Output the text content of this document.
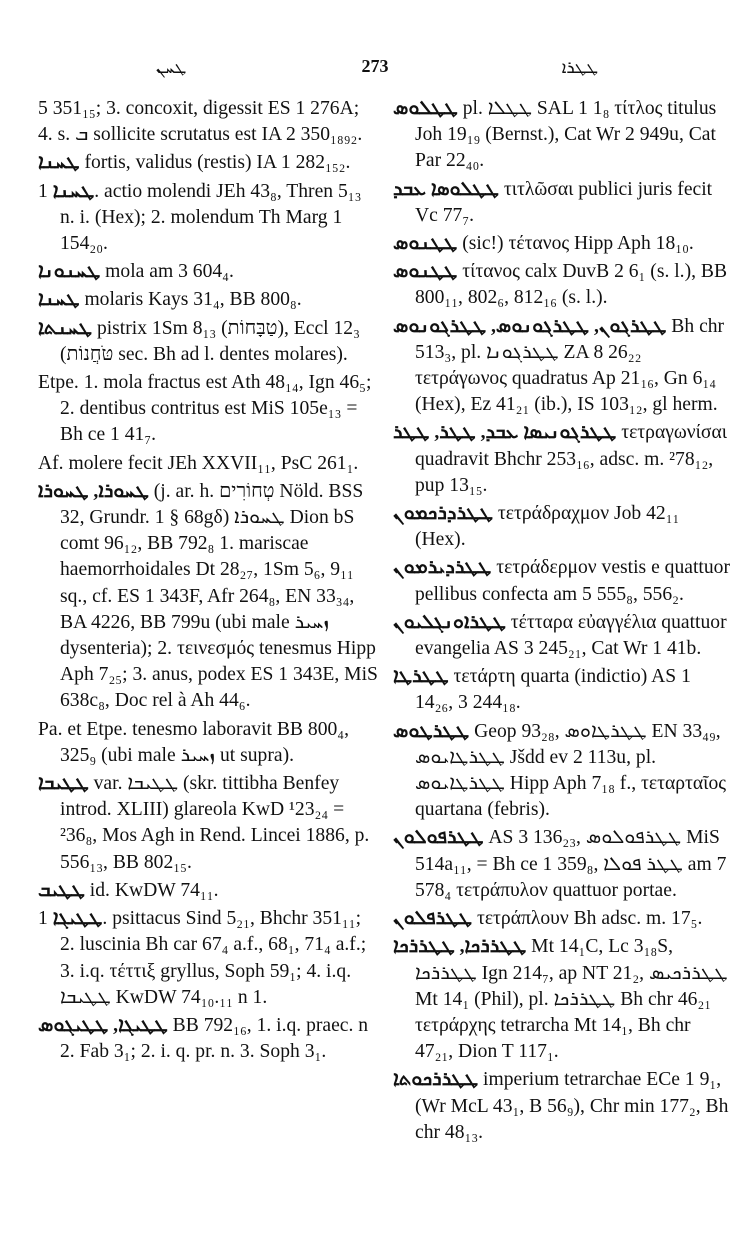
ܛܚܢ	273	ܛܛܪܐ
5 351₁₅; 3. concoxit, digessit ES 1 276A; 4. s. ܒ sollicite scrutatus est IA 2 350₁₈₉₂.
ܛܚܢܐ fortis, validus (restis) IA 1 282₁₅₂.
ܛܚܢܐ 1. actio molendi JEh 43₈, Thren 5₁₃ n. i. (Hex); 2. molendum Th Marg 1 154₂₀.
ܛܚܢܘܢܐ mola am 3 604₄.
ܛܚܢܐ molaris Kays 31₄, BB 800₈.
ܛܚܢܬܐ pistrix 1Sm 8₁₃ (טַבָּחוֹת), Eccl 12₃ (טֹּחֲנוֹת sec. Bh ad l. dentes molares).
Etpe. 1. mola fractus est Ath 48₁₄, Ign 46₅; 2. dentibus contritus est MiS 105e₁₃ = Bh ce 1 41₇.
Af. molere fecit JEh XXVII₁₁, PsC 261₁.
ܛܚܘܪܐ, ܛܚܘܪܐ (j. ar. h. טְחוֹרִים Nöld. BSS 32, Grundr. 1 § 68gδ) ܛܚܘܪܐ Dion bS comt 96₁₂, BB 792₈ 1. mariscae haemorrhoidales Dt 28₂₇, 1Sm 5₆, 9₁₁ sq., cf. ES 1 343F, Afr 264₈, EN 33₃₄, BA 4226, BB 799u (ubi male ܙܚܝܪ dysenteria); 2. τεινεσμός tenesmus Hipp Aph 7₂₅; 3. anus, podex ES 1 343E, MiS 638c₈, Doc rel à Ah 44₆.
Pa. et Etpe. tenesmo laboravit BB 800₄, 325₉ (ubi male ܙܚܝܪ ut supra).
ܛܛܝܒܐ var. ܛܛܝܒܐ (skr. tittibha Benfey introd. XLIII) glareola KwD ¹23₂₄ = ²36₈, Mos Agh in Rend. Lincei 1886, p. 556₁₃, BB 802₁₅.
ܛܛܝܒ id. KwDW 74₁₁.
ܛܛܝܓܐ 1. psittacus Sind 5₂₁, Bhchr 351₁₁; 2. luscinia Bh car 67₄ a.f., 68₁, 71₄ a.f.; 3. i.q. τέττιξ gryllus, Soph 59₁; 4. i.q. ܛܛܝܒܐ KwDW 74₁₀.₁₁ n 1.
ܛܛܝܓܐ, ܛܛܝܓܘܣ BB 792₁₆, 1. i.q. praec. n 2. Fab 3₁; 2. i. q. pr. n. 3. Soph 3₁.
ܛܛܠܘܣ pl. ܛܛܠܐ SAL 1 1₈ τίτλος titulus Joh 19₁₉ (Bernst.), Cat Wr 2 949u, Cat Par 22₄₀.
ܛܛܠܘܣܐ ܥܒܕ τιτλῶσαι publici juris fecit Vc 77₇.
ܛܛܢܘܣ (sic!) τέτανος Hipp Aph 18₁₀.
ܛܛܢܘܣ τίτανος calx DuvB 2 6₁ (s. l.), BB 800₁₁, 802₆, 812₁₆ (s. l.).
ܛܛܪܓܘܢ, ܛܛܪܓܘܢܘܣ, ܛܛܪܓܘܢܘܣ Bh chr 513₃, pl. ܛܛܪܓܘܢܐ ZA 8 26₂₂ τετράγωνος quadratus Ap 21₁₆, Gn 6₁₄ (Hex), Ez 41₂₁ (ib.), IS 103₁₂, gl herm.
ܛܛܪܓܘܢܝܣܐ ܥܒܕ, ܛܛܪ, ܛܛܪ τετραγωνίσαι quadravit Bhchr 253₁₆, adsc. m. ²78₁₂, pup 13₁₅.
ܛܛܪܕܪܟܡܘܢ τετράδραχμον Job 42₁₁ (Hex).
ܛܛܪܕܝܪܡܘܢ τετράδερμον vestis e quattuor pellibus confecta am 5 555₈, 556₂.
ܛܛܪܐܘܢܓܠܝܘܢ τέτταρα εὐαγγέλια quattuor evangelia AS 3 245₂₁, Cat Wr 1 41b.
ܛܛܪܛܐ τετάρτη quarta (indictio) AS 1 14₂₆, 3 244₁₈.
ܛܛܪܛܘܣ Geop 93₂₈, ܛܛܪܛܐܘܣ EN 33₄₉, ܛܛܪܛܐܝܘܣ Jšdd ev 2 113u, pl. ܛܛܪܛܐܝܘܣ Hipp Aph 7₁₈ f., τεταρταῖος quartana (febris).
ܛܛܪܦܘܠܘܢ AS 3 136₂₃, ܛܛܪܦܘܠܘܣ MiS 514a₁₁, = Bh ce 1 359₈, ܛܛܪ ܦܘܠܐ am 7 578₄ τετράπυλον quattuor portae.
ܛܛܪܦܠܘܢ τετράπλουν Bh adsc. m. 17₅.
ܛܛܪܪܟܐ, ܛܛܪܪܟܐ Mt 14₁C, Lc 3₁₈S, ܛܛܪܪܟܐ Ign 214₇, ap NT 21₂, ܛܛܪܪܟܝܣ Mt 14₁ (Phil), pl. ܛܛܪܪܟܐ Bh chr 46₂₁ τετράρχης tetrarcha Mt 14₁, Bh chr 47₂₁, Dion T 117₁.
ܛܛܪܪܟܘܬܐ imperium tetrarchae ECe 1 9₁, (Wr McL 43₁, B 56₉), Chr min 177₂, Bh chr 48₁₃.
